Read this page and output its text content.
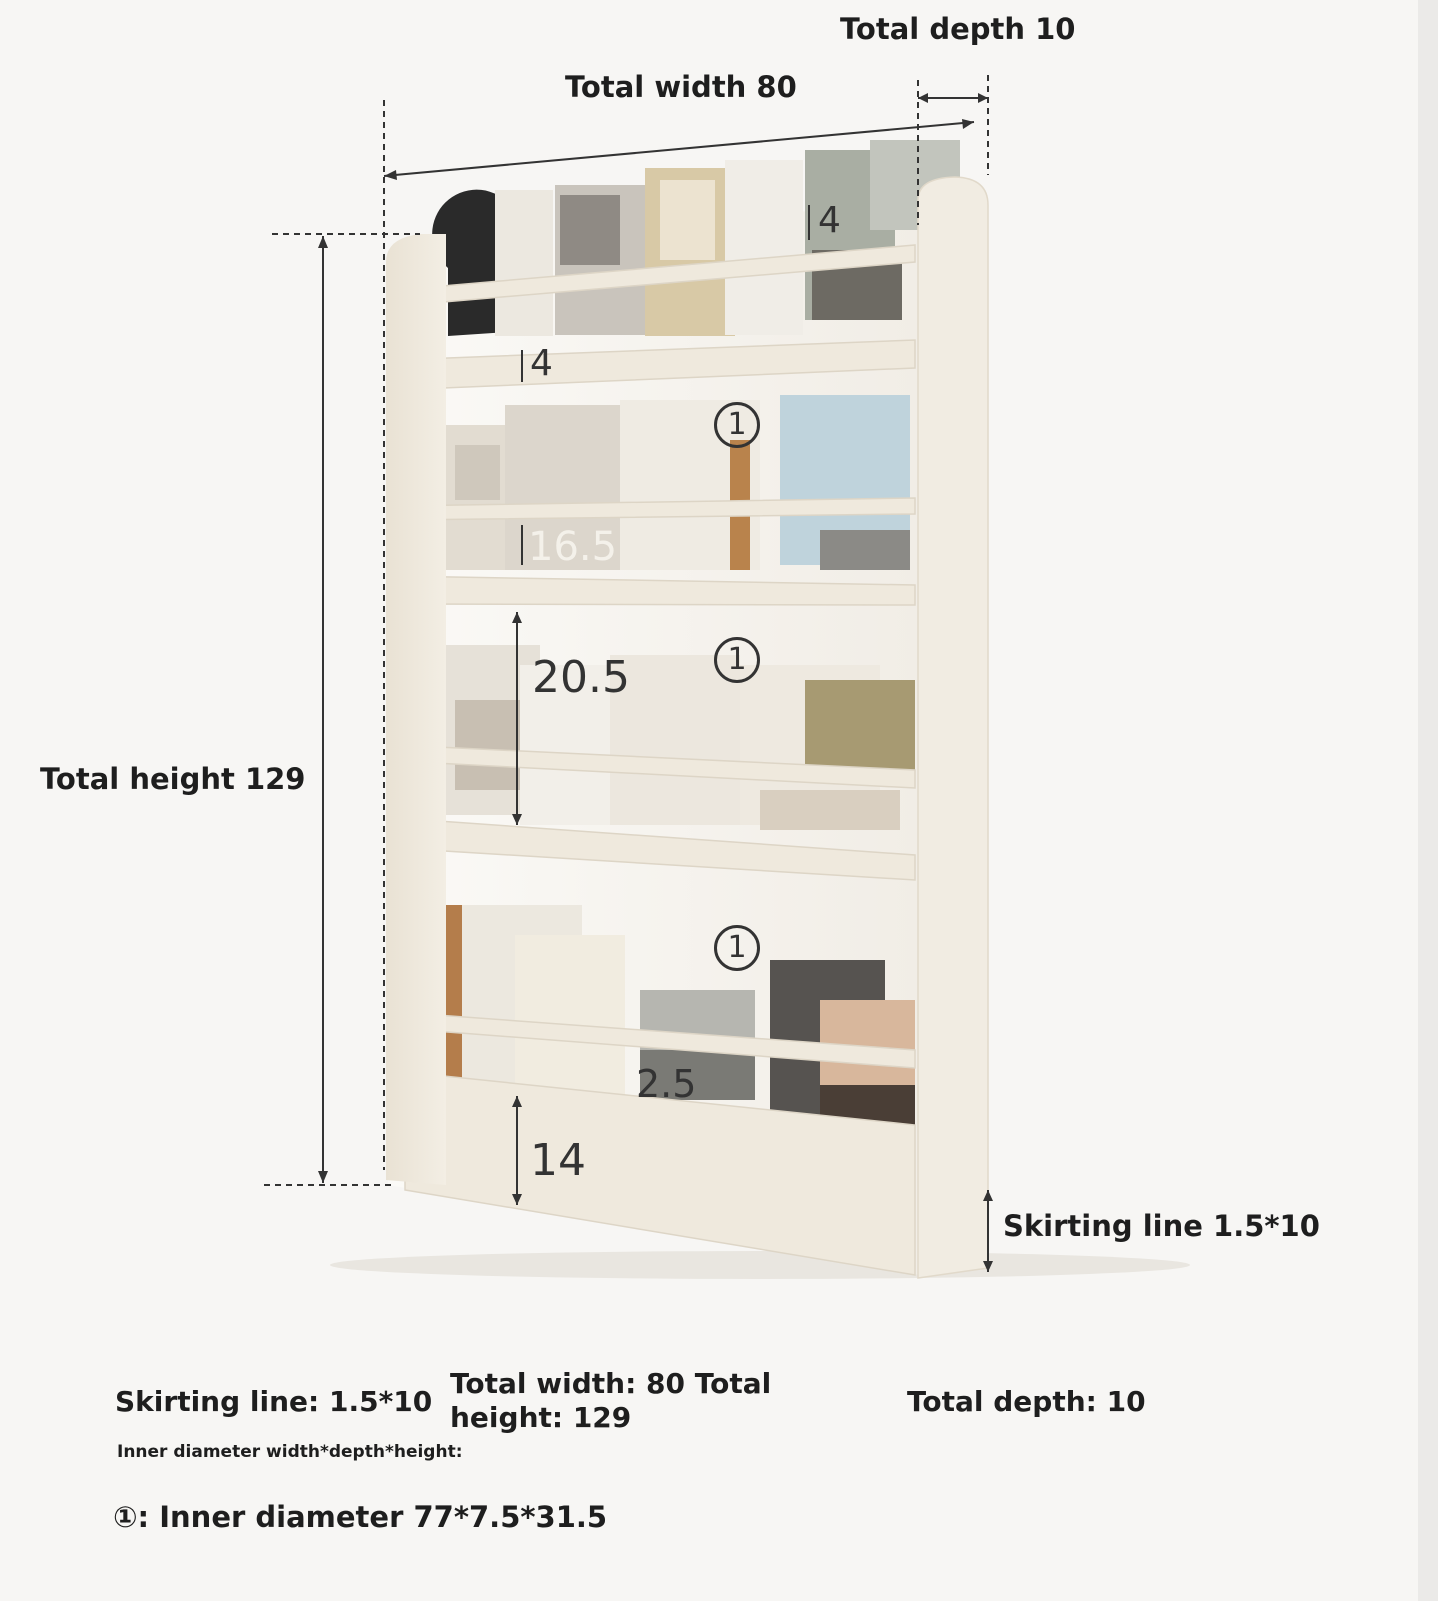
Total depth 10
Total width 80
Total height 129
Skirting line 1.5*10
4
4
16.5
20.5
2.5
14
1
1
1
Skirting line: 1.5*10
Total width: 80 Total height: 129	Total depth: 10
Inner diameter width*depth*height:
①: Inner diameter 77*7.5*31.5
